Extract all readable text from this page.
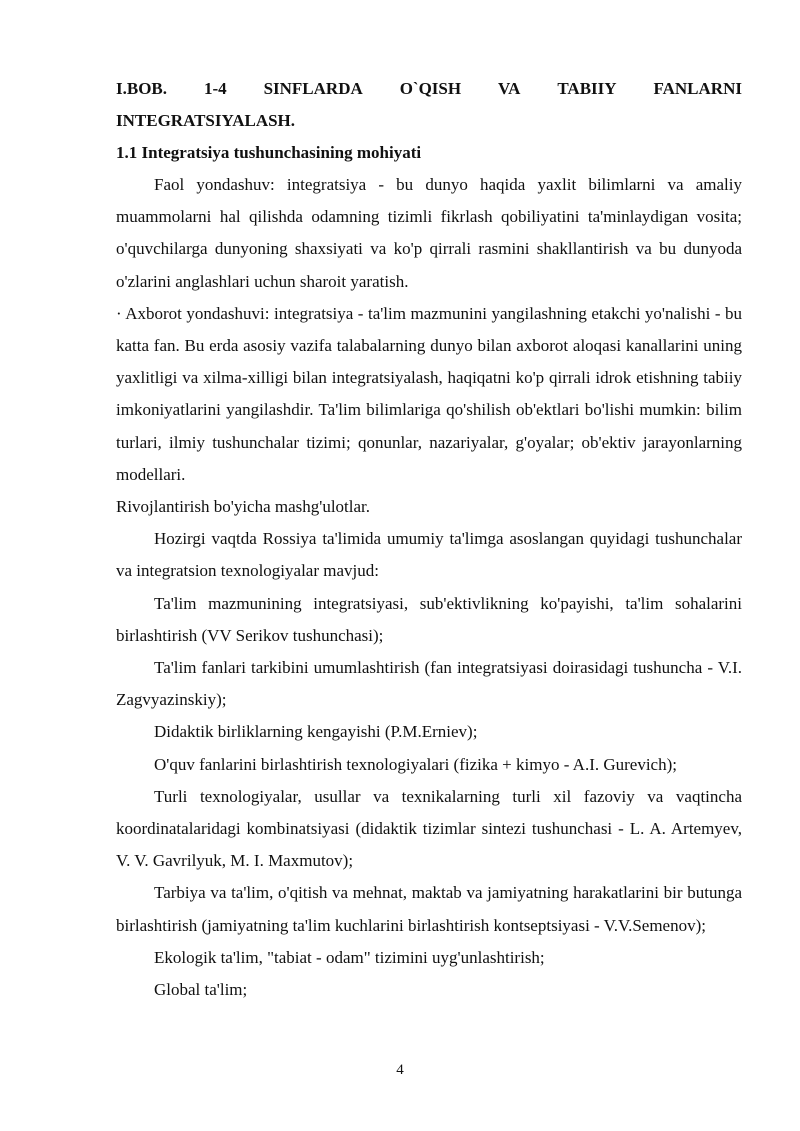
I.BOB. 1-4 SINFLARDA O`QISH VA TABIIY FANLARNI
INTEGRATSIYALASH.
1.1 Integratsiya tushunchasining mohiyati

Faol yondashuv: integratsiya - bu dunyo haqida yaxlit bilimlarni va amaliy muammolarni hal qilishda odamning tizimli fikrlash qobiliyatini ta'minlaydigan vosita; o'quvchilarga dunyoning shaxsiyati va ko'p qirrali rasmini shakllantirish va bu dunyoda o'zlarini anglashlari uchun sharoit yaratish.

· Axborot yondashuvi: integratsiya - ta'lim mazmunini yangilashning etakchi yo'nalishi - bu katta fan. Bu erda asosiy vazifa talabalarning dunyo bilan axborot aloqasi kanallarini uning yaxlitligi va xilma-xilligi bilan integratsiyalash, haqiqatni ko'p qirrali idrok etishning tabiiy imkoniyatlarini yangilashdir. Ta'lim bilimlariga qo'shilish ob'ektlari bo'lishi mumkin: bilim turlari, ilmiy tushunchalar tizimi; qonunlar, nazariyalar, g'oyalar; ob'ektiv jarayonlarning modellari.

Rivojlantirish bo'yicha mashg'ulotlar.

Hozirgi vaqtda Rossiya ta'limida umumiy ta'limga asoslangan quyidagi tushunchalar va integratsion texnologiyalar mavjud:

Ta'lim mazmunining integratsiyasi, sub'ektivlikning ko'payishi, ta'lim sohalarini birlashtirish (VV Serikov tushunchasi);

Ta'lim fanlari tarkibini umumlashtirish (fan integratsiyasi doirasidagi tushuncha - V.I. Zagvyazinskiy);

Didaktik birliklarning kengayishi (P.M.Erniev);

O'quv fanlarini birlashtirish texnologiyalari (fizika + kimyo - A.I. Gurevich);

Turli texnologiyalar, usullar va texnikalarning turli xil fazoviy va vaqtincha koordinatalaridagi kombinatsiyasi (didaktik tizimlar sintezi tushunchasi - L. A. Artemyev, V. V. Gavrilyuk, M. I. Maxmutov);

Tarbiya va ta'lim, o'qitish va mehnat, maktab va jamiyatning harakatlarini bir butunga birlashtirish (jamiyatning ta'lim kuchlarini birlashtirish kontseptsiyasi - V.V.Semenov);

Ekologik ta'lim, "tabiat - odam" tizimini uyg'unlashtirish;

Global ta'lim;

4
